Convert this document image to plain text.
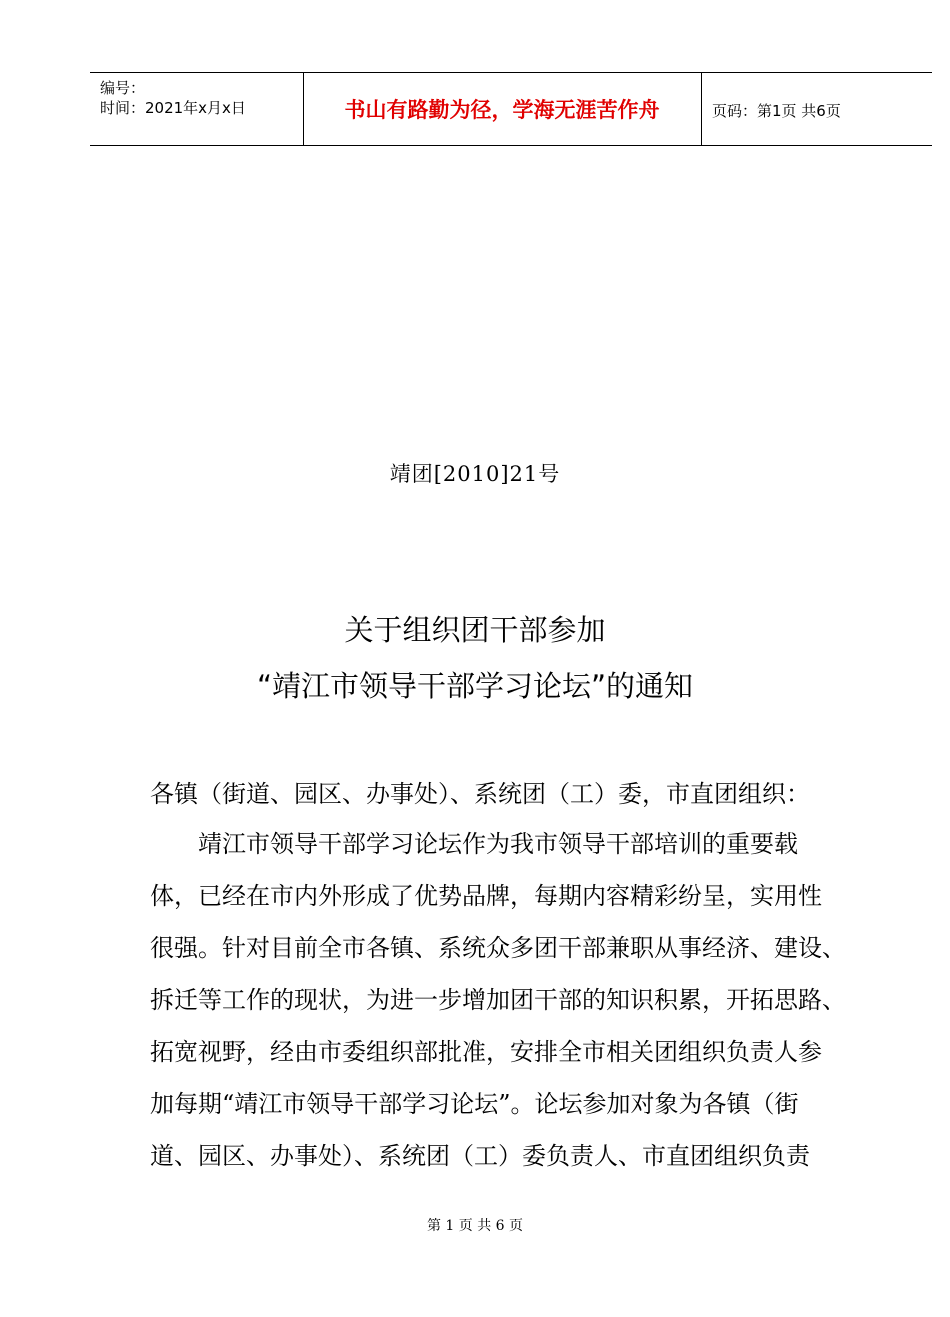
编号：
时间：2021年x月x日	书山有路勤为径，学海无涯苦作舟	页码：第1页 共6页
靖团[2010]21号
关于组织团干部参加
“靖江市领导干部学习论坛”的通知
各镇（街道、园区、办事处）、系统团（工）委，市直团组织：
　　靖江市领导干部学习论坛作为我市领导干部培训的重要载
体，已经在市内外形成了优势品牌，每期内容精彩纷呈，实用性
很强。针对目前全市各镇、系统众多团干部兼职从事经济、建设、
拆迁等工作的现状，为进一步增加团干部的知识积累，开拓思路、
拓宽视野，经由市委组织部批准，安排全市相关团组织负责人参
加每期“靖江市领导干部学习论坛”。论坛参加对象为各镇（街
道、园区、办事处）、系统团（工）委负责人、市直团组织负责
第 1 页 共 6 页
